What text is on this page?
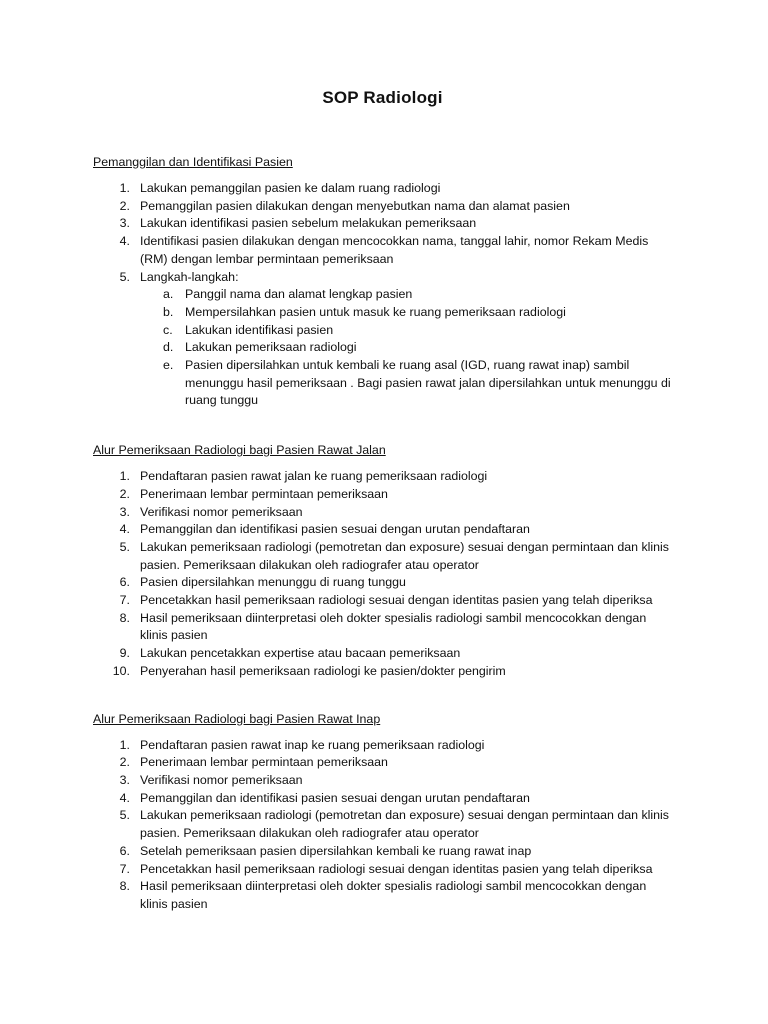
SOP Radiologi
Pemanggilan dan Identifikasi Pasien
1. Lakukan pemanggilan pasien ke dalam ruang radiologi
2. Pemanggilan pasien dilakukan dengan menyebutkan nama dan alamat pasien
3. Lakukan identifikasi pasien sebelum melakukan pemeriksaan
4. Identifikasi pasien dilakukan dengan mencocokkan nama, tanggal lahir, nomor Rekam Medis (RM) dengan lembar permintaan pemeriksaan
5. Langkah-langkah:
a. Panggil nama dan alamat lengkap pasien
b. Mempersilahkan pasien untuk masuk ke ruang pemeriksaan radiologi
c. Lakukan identifikasi pasien
d. Lakukan pemeriksaan radiologi
e. Pasien dipersilahkan untuk kembali ke ruang asal (IGD, ruang rawat inap) sambil menunggu hasil pemeriksaan . Bagi pasien rawat jalan dipersilahkan untuk menunggu di ruang tunggu
Alur Pemeriksaan Radiologi bagi Pasien Rawat Jalan
1. Pendaftaran pasien rawat jalan ke ruang pemeriksaan radiologi
2. Penerimaan lembar permintaan pemeriksaan
3. Verifikasi nomor pemeriksaan
4. Pemanggilan dan identifikasi pasien sesuai dengan urutan pendaftaran
5. Lakukan pemeriksaan radiologi (pemotretan dan exposure) sesuai dengan permintaan dan klinis pasien. Pemeriksaan dilakukan oleh radiografer atau operator
6. Pasien dipersilahkan menunggu di ruang tunggu
7. Pencetakkan hasil pemeriksaan radiologi sesuai dengan identitas pasien yang telah diperiksa
8. Hasil pemeriksaan diinterpretasi oleh dokter spesialis radiologi sambil mencocokkan dengan klinis pasien
9. Lakukan pencetakkan expertise atau bacaan pemeriksaan
10. Penyerahan hasil pemeriksaan radiologi ke pasien/dokter pengirim
Alur Pemeriksaan Radiologi bagi Pasien Rawat Inap
1. Pendaftaran pasien rawat inap ke ruang pemeriksaan radiologi
2. Penerimaan lembar permintaan pemeriksaan
3. Verifikasi nomor pemeriksaan
4. Pemanggilan dan identifikasi pasien sesuai dengan urutan pendaftaran
5. Lakukan pemeriksaan radiologi (pemotretan dan exposure) sesuai dengan permintaan dan klinis pasien. Pemeriksaan dilakukan oleh radiografer atau operator
6. Setelah pemeriksaan pasien dipersilahkan kembali ke ruang rawat inap
7. Pencetakkan hasil pemeriksaan radiologi sesuai dengan identitas pasien yang telah diperiksa
8. Hasil pemeriksaan diinterpretasi oleh dokter spesialis radiologi sambil mencocokkan dengan klinis pasien
